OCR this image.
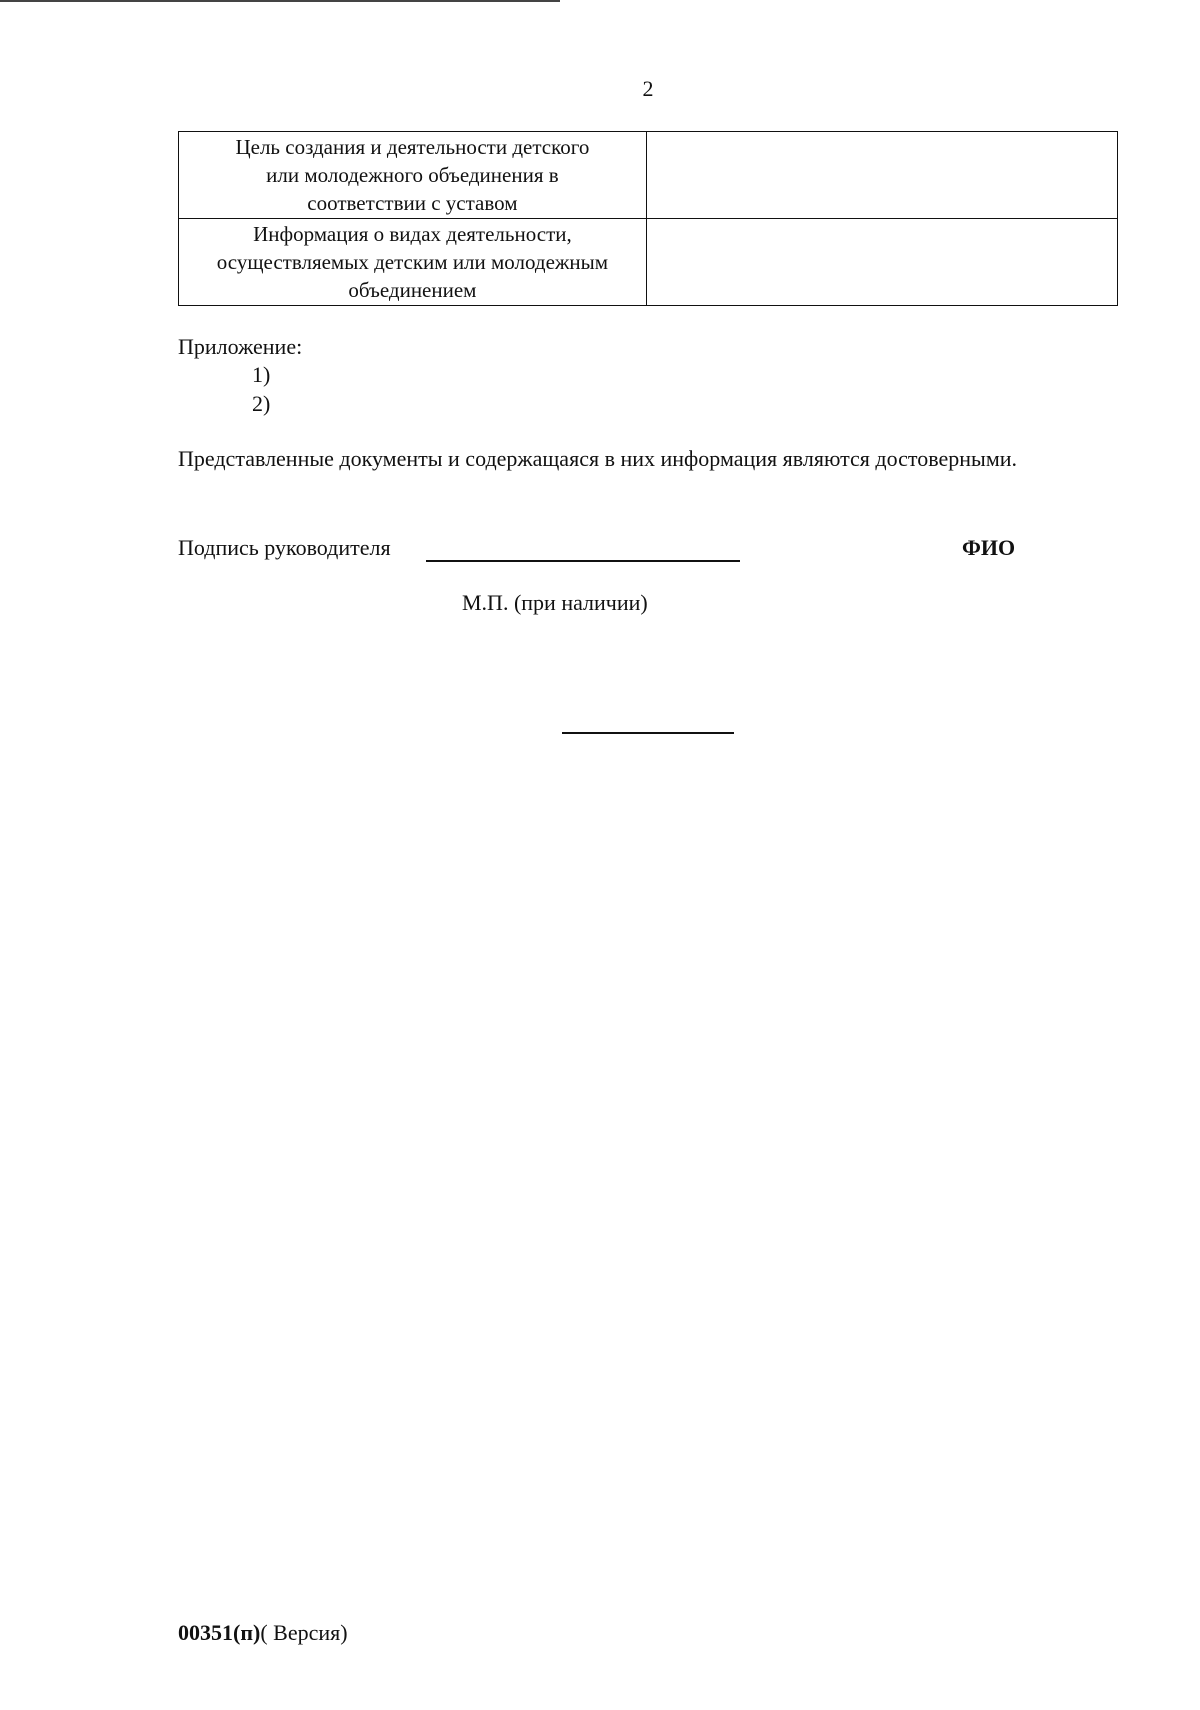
2
Цель создания и деятельности детского
или молодежного объединения в
соответствии с уставом	

Информация о видах деятельности,
осуществляемых детским или молодежным
объединением	

Приложение:
1)
2)
Представленные документы и содержащаяся в них информация являются достоверными.
Подпись руководителя	ФИО
М.П. (при наличии)
00351(п)( Версия)
